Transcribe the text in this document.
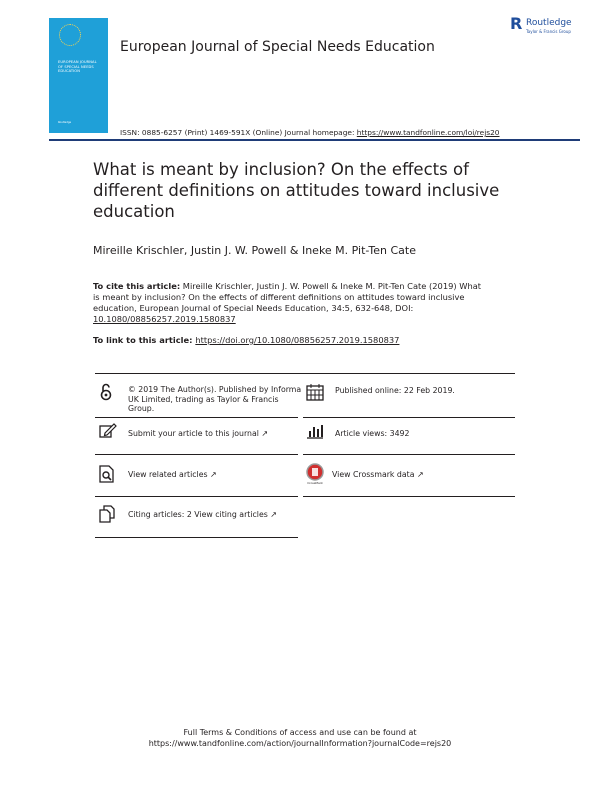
EUROPEAN JOURNAL OF SPECIAL NEEDS EDUCATION
Routledge
European Journal of Special Needs Education
R Routledge
Taylor & Francis Group
ISSN: 0885-6257 (Print) 1469-591X (Online) Journal homepage: https://www.tandfonline.com/loi/rejs20
What is meant by inclusion? On the effects of different definitions on attitudes toward inclusive education
Mireille Krischler, Justin J. W. Powell & Ineke M. Pit-Ten Cate
To cite this article: Mireille Krischler, Justin J. W. Powell & Ineke M. Pit-Ten Cate (2019) What is meant by inclusion? On the effects of different definitions on attitudes toward inclusive education, European Journal of Special Needs Education, 34:5, 632-648, DOI: 10.1080/08856257.2019.1580837
To link to this article: https://doi.org/10.1080/08856257.2019.1580837
© 2019 The Author(s). Published by Informa UK Limited, trading as Taylor & Francis Group.
Submit your article to this journal ↗
View related articles ↗
Citing articles: 2 View citing articles ↗
Published online: 22 Feb 2019.
Article views: 3492
CrossMark
View Crossmark data ↗
Full Terms & Conditions of access and use can be found at
https://www.tandfonline.com/action/journalInformation?journalCode=rejs20
